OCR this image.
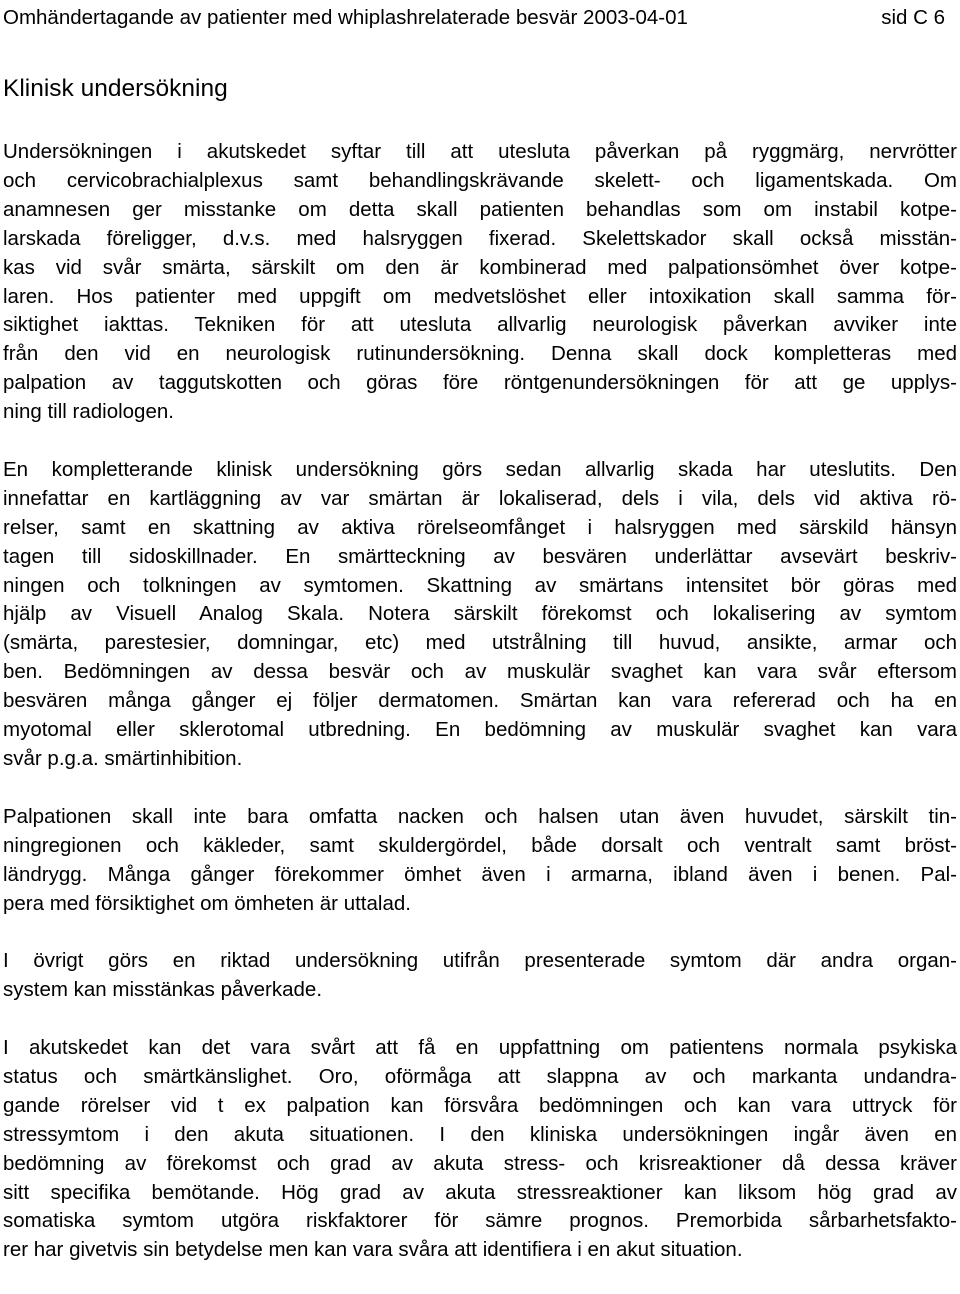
Omhändertagande av patienter med whiplashrelaterade besvär 2003-04-01	sid C 6
Klinisk undersökning
Undersökningen i akutskedet syftar till att utesluta påverkan på ryggmärg, nervrötter
och cervicobrachialplexus samt behandlingskrävande skelett- och ligamentskada. Om
anamnesen ger misstanke om detta skall patienten behandlas som om instabil kotpe-
larskada föreligger, d.v.s. med halsryggen fixerad. Skelettskador skall också misstän-
kas vid svår smärta, särskilt om den är kombinerad med palpationsömhet över kotpe-
laren. Hos patienter med uppgift om medvetslöshet eller intoxikation skall samma för-
siktighet iakttas. Tekniken för att utesluta allvarlig neurologisk påverkan avviker inte
från den vid en neurologisk rutinundersökning. Denna skall dock kompletteras med
palpation av taggutskotten och göras före röntgenundersökningen för att ge upplys-
ning till radiologen.
En kompletterande klinisk undersökning görs sedan allvarlig skada har uteslutits. Den
innefattar en kartläggning av var smärtan är lokaliserad, dels i vila, dels vid aktiva rö-
relser, samt en skattning av aktiva rörelseomfånget i halsryggen med särskild hänsyn
tagen till sidoskillnader. En smärtteckning av besvären underlättar avsevärt beskriv-
ningen och tolkningen av symtomen. Skattning av smärtans intensitet bör göras med
hjälp av Visuell Analog Skala. Notera särskilt förekomst och lokalisering av symtom
(smärta, parestesier, domningar, etc) med utstrålning till huvud, ansikte, armar och
ben. Bedömningen av dessa besvär och av muskulär svaghet kan vara svår eftersom
besvären många gånger ej följer dermatomen. Smärtan kan vara refererad och ha en
myotomal eller sklerotomal utbredning. En bedömning av muskulär svaghet kan vara
svår p.g.a. smärtinhibition.
Palpationen skall inte bara omfatta nacken och halsen utan även huvudet, särskilt tin-
ningregionen och käkleder, samt skuldergördel, både dorsalt och ventralt samt bröst-
ländrygg. Många gånger förekommer ömhet även i armarna, ibland även i benen. Pal-
pera med försiktighet om ömheten är uttalad.
I övrigt görs en riktad undersökning utifrån presenterade symtom där andra organ-
system kan misstänkas påverkade.
I akutskedet kan det vara svårt att få en uppfattning om patientens normala psykiska
status och smärtkänslighet. Oro, oförmåga att slappna av och markanta undandra-
gande rörelser vid t ex palpation kan försvåra bedömningen och kan vara uttryck för
stressymtom i den akuta situationen. I den kliniska undersökningen ingår även en
bedömning av förekomst och grad av akuta stress- och krisreaktioner då dessa kräver
sitt specifika bemötande. Hög grad av akuta stressreaktioner kan liksom hög grad av
somatiska symtom utgöra riskfaktorer för sämre prognos. Premorbida sårbarhetsfakto-
rer har givetvis sin betydelse men kan vara svåra att identifiera i en akut situation.
